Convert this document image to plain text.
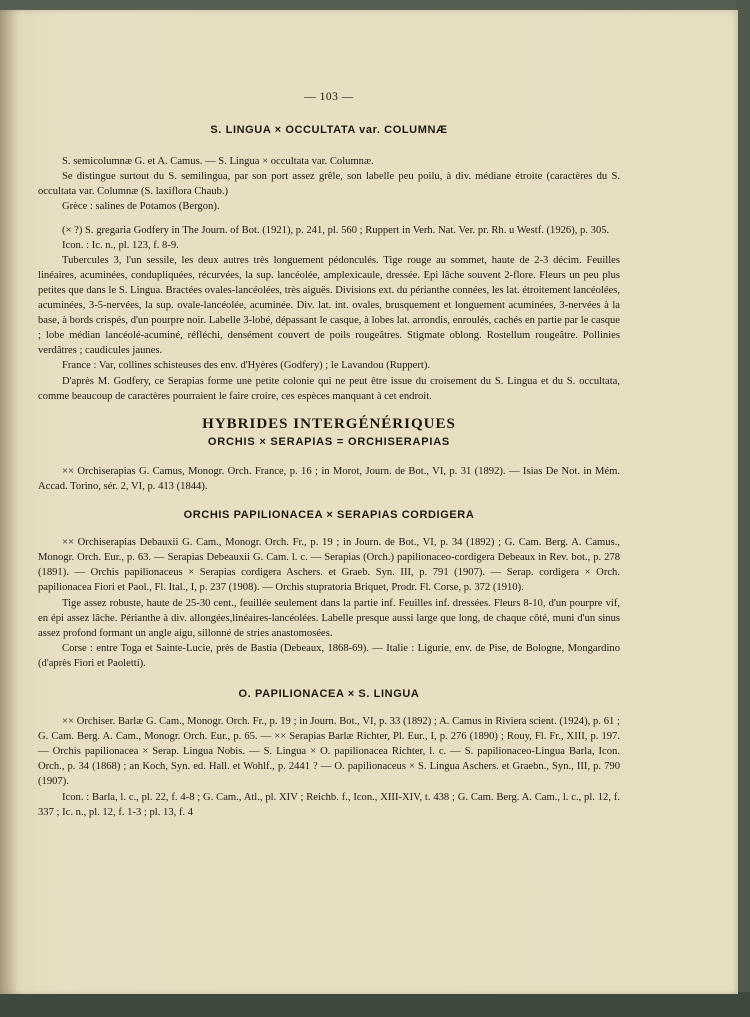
— 103 —
S. LINGUA × OCCULTATA var. COLUMNÆ

S. semicolumnæ G. et A. Camus. — S. Lingua × occultata var. Columnæ.

Se distingue surtout du S. semilingua, par son port assez grêle, son labelle peu poilu, à div. médiane étroite (caractères du S. occultata var. Columnæ (S. laxiflora Chaub.)

Grèce : salines de Potamos (Bergon).

(× ?) S. gregaria Godfery in The Journ. of Bot. (1921), p. 241, pl. 560 ; Ruppert in Verh. Nat. Ver. pr. Rh. u Westf. (1926), p. 305.

Icon. : Ic. n., pl. 123, f. 8-9.

Tubercules 3, l'un sessile, les deux autres très longuement pédonculés. Tige rouge au sommet, haute de 2-3 décim. Feuilles linéaires, acuminées, condupliquées, récurvées, la sup. lancéolée, amplexicaule, dressée. Epi lâche souvent 2-flore. Fleurs un peu plus petites que dans le S. Lingua. Bractées ovales-lancéolées, très aiguës. Divisions ext. du périanthe connées, les lat. étroitement lancéolées, acuminées, 3-5-nervées, la sup. ovale-lancéolée, acuminée. Div. lat. int. ovales, brusquement et longuement acuminées, 3-nervées à la base, à bords crispés, d'un pourpre noir. Labelle 3-lobé, dépassant le casque, à lobes lat. arrondis, enroulés, cachés en partie par le casque ; lobe médian lancéolé-acuminé, réfléchi, densément couvert de poils rougeâtres. Stigmate oblong. Rostellum rougeâtre. Pollinies verdâtres ; caudicules jaunes.

France : Var, collines schisteuses des env. d'Hyères (Godfery) ; le Lavandou (Ruppert).

D'après M. Godfery, ce Serapias forme une petite colonie qui ne peut être issue du croisement du S. Lingua et du S. occultata, comme beaucoup de caractères pourraient le faire croire, ces espèces manquant à cet endroit.

HYBRIDES INTERGÉNÉRIQUES
ORCHIS × SERAPIAS = ORCHISERAPIAS

×× Orchiserapias G. Camus, Monogr. Orch. France, p. 16 ; in Morot, Journ. de Bot., VI, p. 31 (1892). — Isias De Not. in Mém. Accad. Torino, sér. 2, VI, p. 413 (1844).

ORCHIS PAPILIONACEA × SERAPIAS CORDIGERA

×× Orchiserapias Debauxii G. Cam., Monogr. Orch. Fr., p. 19 ; in Journ. de Bot., VI, p. 34 (1892) ; G. Cam. Berg. A. Camus., Monogr. Orch. Eur., p. 63. — Serapias Debeauxii G. Cam. l. c. — Serapias (Orch.) papilionaceo-cordigera Debeaux in Rev. bot., p. 278 (1891). — Orchis papilionaceus × Serapias cordigera Aschers. et Graeb. Syn. III, p. 791 (1907). — Serap. cordigera × Orch. papilionacea Fiori et Paol., Fl. Ital., I, p. 237 (1908). — Orchis stupratoria Briquet, Prodr. Fl. Corse, p. 372 (1910).

Tige assez robuste, haute de 25-30 cent., feuillée seulement dans la partie inf. Feuilles inf. dressées. Fleurs 8-10, d'un pourpre vif, en épi assez lâche. Périanthe à div. allongées,linéaires-lancéolées. Labelle presque aussi large que long, de chaque côté, muni d'un sinus assez profond formant un angle aigu, sillonné de stries anastomosées.

Corse : entre Toga et Sainte-Lucie, près de Bastia (Debeaux, 1868-69). — Italie : Ligurie, env. de Pise, de Bologne, Mongardino (d'après Fiori et Paoletti).

O. PAPILIONACEA × S. LINGUA

×× Orchiser. Barlæ G. Cam., Monogr. Orch. Fr., p. 19 ; in Journ. Bot., VI, p. 33 (1892) ; A. Camus in Riviera scient. (1924), p. 61 ; G. Cam. Berg. A. Cam., Monogr. Orch. Eur., p. 65. — ×× Serapias Barlæ Richter, Pl. Eur., I, p. 276 (1890) ; Rouy, Fl. Fr., XIII, p. 197. — Orchis papilionacea × Serap. Lingua Nobis. — S. Lingua × O. papilionacea Richter, l. c. — S. papilionaceo-Lingua Barla, Icon. Orch., p. 34 (1868) ; an Koch, Syn. ed. Hall. et Wohlf., p. 2441 ? — O. papilionaceus × S. Lingua Aschers. et Graebn., Syn., III, p. 790 (1907).

Icon. : Barla, l. c., pl. 22, f. 4-8 ; G. Cam., Atl., pl. XIV ; Reichb. f., Icon., XIII-XIV, t. 438 ; G. Cam. Berg. A. Cam., l. c., pl. 12, f. 337 ; Ic. n., pl. 12, f. 1-3 ; pl. 13, f. 4
